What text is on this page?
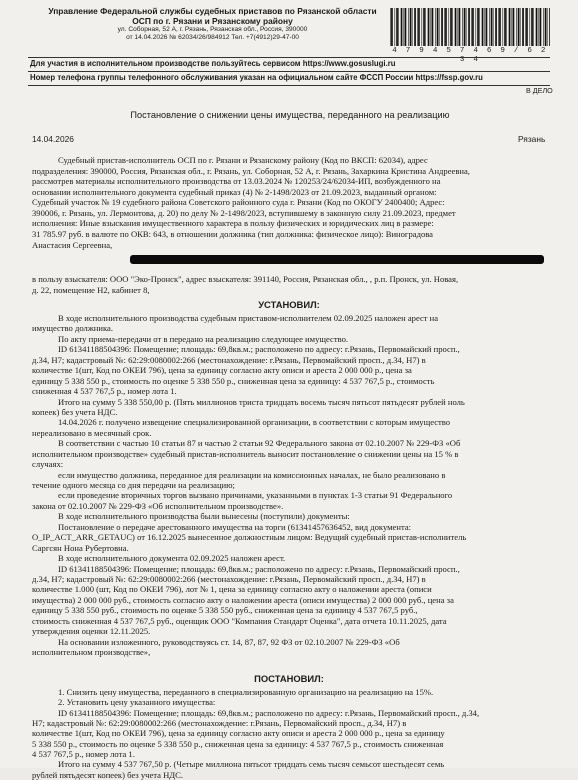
Управление Федеральной службы судебных приставов по Рязанской области
ОСП по г. Рязани и Рязанскому району
ул. Соборная, 52 А, г. Рязань, Рязанская обл., Россия, 390000
от 14.04.2026 № 62034/26/984912 Тел. +7(4912)29-47-00
4 7 9 4 5 7 4 6 9 / 6 2 3 4
Для участия в исполнительном производстве пользуйтесь сервисом https://www.gosuslugi.ru
Номер телефона группы телефонного обслуживания указан на официальном сайте ФССП России https://fssp.gov.ru
В ДЕЛО
Постановление о снижении цены имущества, переданного на реализацию
14.04.2026	Рязань
Судебный пристав-исполнитель ОСП по г. Рязани и Рязанскому району (Код по ВКСП: 62034), адрес
подразделения: 390000, Россия, Рязанская обл., г. Рязань, ул. Соборная, 52 А, г. Рязань, Захаркина Кристина Андреевна,
рассмотрев материалы исполнительного производства от 13.03.2024 № 120253/24/62034-ИП, возбужденного на
основании исполнительного документа судебный приказ (4) № 2-1498/2023 от 21.09.2023, выданный органом:
Судебный участок № 19 судебного района Советского районного суда г. Рязани (Код по ОКОГУ 2400400; Адрес:
390006, г. Рязань, ул. Лермонтова, д. 20) по делу № 2-1498/2023, вступившему в законную силу 21.09.2023, предмет
исполнения: Иные взыскания имущественного характера в пользу физических и юридических лиц в размере:
31 785.97 руб. в валюте по ОКВ: 643, в отношении должника (тип должника: физическое лицо): Виноградова
Анастасия Сергеевна,
в пользу взыскателя: ООО "Эко-Пронск", адрес взыскателя: 391140, Россия, Рязанская обл., , р.п. Пронск, ул. Новая,
д. 22, помещение Н2, кабинет 8,
УСТАНОВИЛ:
В ходе исполнительного производства судебным приставом-исполнителем 02.09.2025 наложен арест на
имущество должника.
По акту приема-передачи от в передано на реализацию следующее имущество.
ID 61341188504396: Помещение; площадь: 69,8кв.м.; расположено по адресу: г.Рязань, Первомайский просп.,
д.34, Н7; кадастровый №: 62:29:0080002:266 (местонахождение: г.Рязань, Первомайский просп., д.34, Н7) в
количестве 1(шт, Код по ОКЕИ 796), цена за единицу согласно акту описи и ареста 2 000 000 р., цена за
единицу 5 338 550 р., стоимость по оценке 5 338 550 р., сниженная цена за единицу: 4 537 767,5 р., стоимость
сниженная 4 537 767,5 р., номер лота 1.
Итого на сумму 5 338 550,00 р. (Пять миллионов триста тридцать восемь тысяч пятьсот пятьдесят рублей ноль
копеек) без учета НДС.
14.04.2026 г. получено извещение специализированной организации, в соответствии с которым имущество
нереализовано в месячный срок.
В соответствии с частью 10 статьи 87 и частью 2 статьи 92 Федерального закона от 02.10.2007 № 229-ФЗ «Об
исполнительном производстве» судебный пристав-исполнитель выносит постановление о снижении цены на 15 % в
случаях:
если имущество должника, переданное для реализации на комиссионных началах, не было реализовано в
течение одного месяца со дня передачи на реализацию;
если проведение вторичных торгов вызвано причинами, указанными в пунктах 1-3 статьи 91 Федерального
закона от 02.10.2007 № 229-ФЗ «Об исполнительном производстве».
В ходе исполнительного производства были вынесены (поступили) документы:
Постановление о передаче арестованного имущества на торги (61341457636452, вид документа:
O_IP_ACT_ARR_GETAUC) от 16.12.2025 вынесенное должностным лицом: Ведущий судебный пристав-исполнитель
Саргсян Нона Рубертовна.
В ходе исполнительного документа 02.09.2025 наложен арест.
ID 61341188504396: Помещение; площадь: 69,8кв.м.; расположено по адресу: г.Рязань, Первомайский просп.,
д.34, Н7; кадастровый №: 62:29:0080002:266 (местонахождение: г.Рязань, Первомайский просп., д.34, Н7) в
количестве 1.000 (шт, Код по ОКЕИ 796), лот № 1, цена за единицу согласно акту о наложении ареста (описи
имущества) 2 000 000 руб., стоимость согласно акту о наложении ареста (описи имущества) 2 000 000 руб., цена за
единицу 5 338 550 руб., стоимость по оценке 5 338 550 руб., сниженная цена за единицу 4 537 767,5 руб.,
стоимость сниженная 4 537 767,5 руб., оценщик ООО "Компания Стандарт Оценка", дата отчета 10.11.2025, дата
утверждения оценки 12.11.2025.
На основании изложенного, руководствуясь ст. 14, 87, 87, 92 ФЗ от 02.10.2007 № 229-ФЗ «Об
исполнительном производстве»,
ПОСТАНОВИЛ:
1. Снизить цену имущества, переданного в специализированную организацию на реализацию на 15%.
2. Установить цену указанного имущества:
ID 61341188504396: Помещение; площадь: 69,8кв.м.; расположено по адресу: г.Рязань, Первомайский просп., д.34,
Н7; кадастровый №: 62:29:0080002:266 (местонахождение: г.Рязань, Первомайский просп., д.34, Н7) в
количестве 1(шт, Код по ОКЕИ 796), цена за единицу согласно акту описи и ареста 2 000 000 р., цена за единицу
5 338 550 р., стоимость по оценке 5 338 550 р., сниженная цена за единицу: 4 537 767,5 р., стоимость сниженная
4 537 767,5 р., номер лота 1.
Итого на сумму 4 537 767,50 р. (Четыре миллиона пятьсот тридцать семь тысяч семьсот шестьдесят семь
рублей пятьдесят копеек) без учета НДС.
